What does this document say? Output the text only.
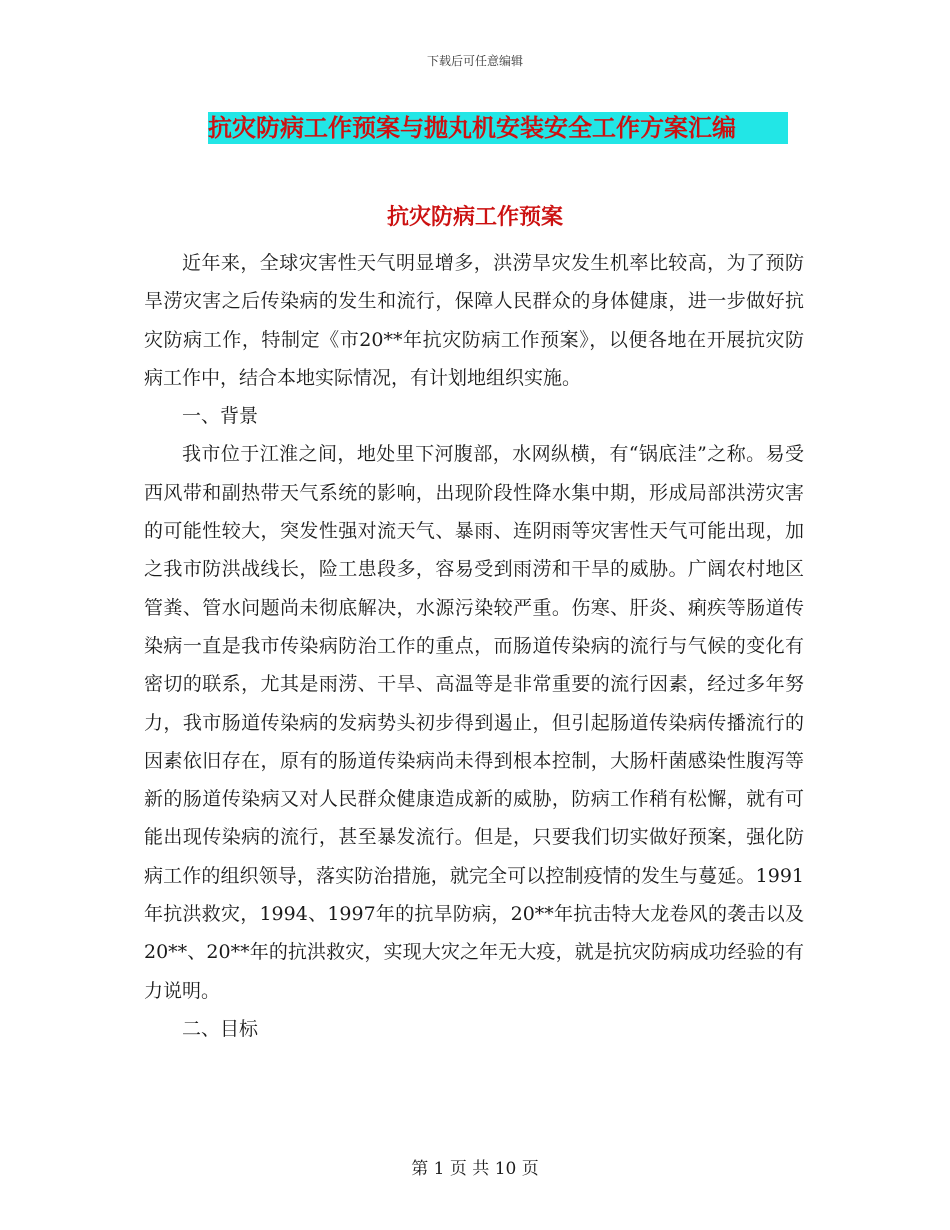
下载后可任意编辑
抗灾防病工作预案与抛丸机安装安全工作方案汇编
抗灾防病工作预案

近年来，全球灾害性天气明显增多，洪涝旱灾发生机率比较高，为了预防旱涝灾害之后传染病的发生和流行，保障人民群众的身体健康，进一步做好抗灾防病工作，特制定《市20**年抗灾防病工作预案》，以便各地在开展抗灾防病工作中，结合本地实际情况，有计划地组织实施。

一、背景

我市位于江淮之间，地处里下河腹部，水网纵横，有“锅底洼”之称。易受西风带和副热带天气系统的影响，出现阶段性降水集中期，形成局部洪涝灾害的可能性较大，突发性强对流天气、暴雨、连阴雨等灾害性天气可能出现，加之我市防洪战线长，险工患段多，容易受到雨涝和干旱的威胁。广阔农村地区管粪、管水问题尚未彻底解决，水源污染较严重。伤寒、肝炎、痢疾等肠道传染病一直是我市传染病防治工作的重点，而肠道传染病的流行与气候的变化有密切的联系，尤其是雨涝、干旱、高温等是非常重要的流行因素，经过多年努力，我市肠道传染病的发病势头初步得到遏止，但引起肠道传染病传播流行的因素依旧存在，原有的肠道传染病尚未得到根本控制，大肠杆菌感染性腹泻等新的肠道传染病又对人民群众健康造成新的威胁，防病工作稍有松懈，就有可能出现传染病的流行，甚至暴发流行。但是，只要我们切实做好预案，强化防病工作的组织领导，落实防治措施，就完全可以控制疫情的发生与蔓延。1991年抗洪救灾，1994、1997年的抗旱防病，20**年抗击特大龙卷风的袭击以及20**、20**年的抗洪救灾，实现大灾之年无大疫，就是抗灾防病成功经验的有力说明。

二、目标

第 1 页 共 10 页
